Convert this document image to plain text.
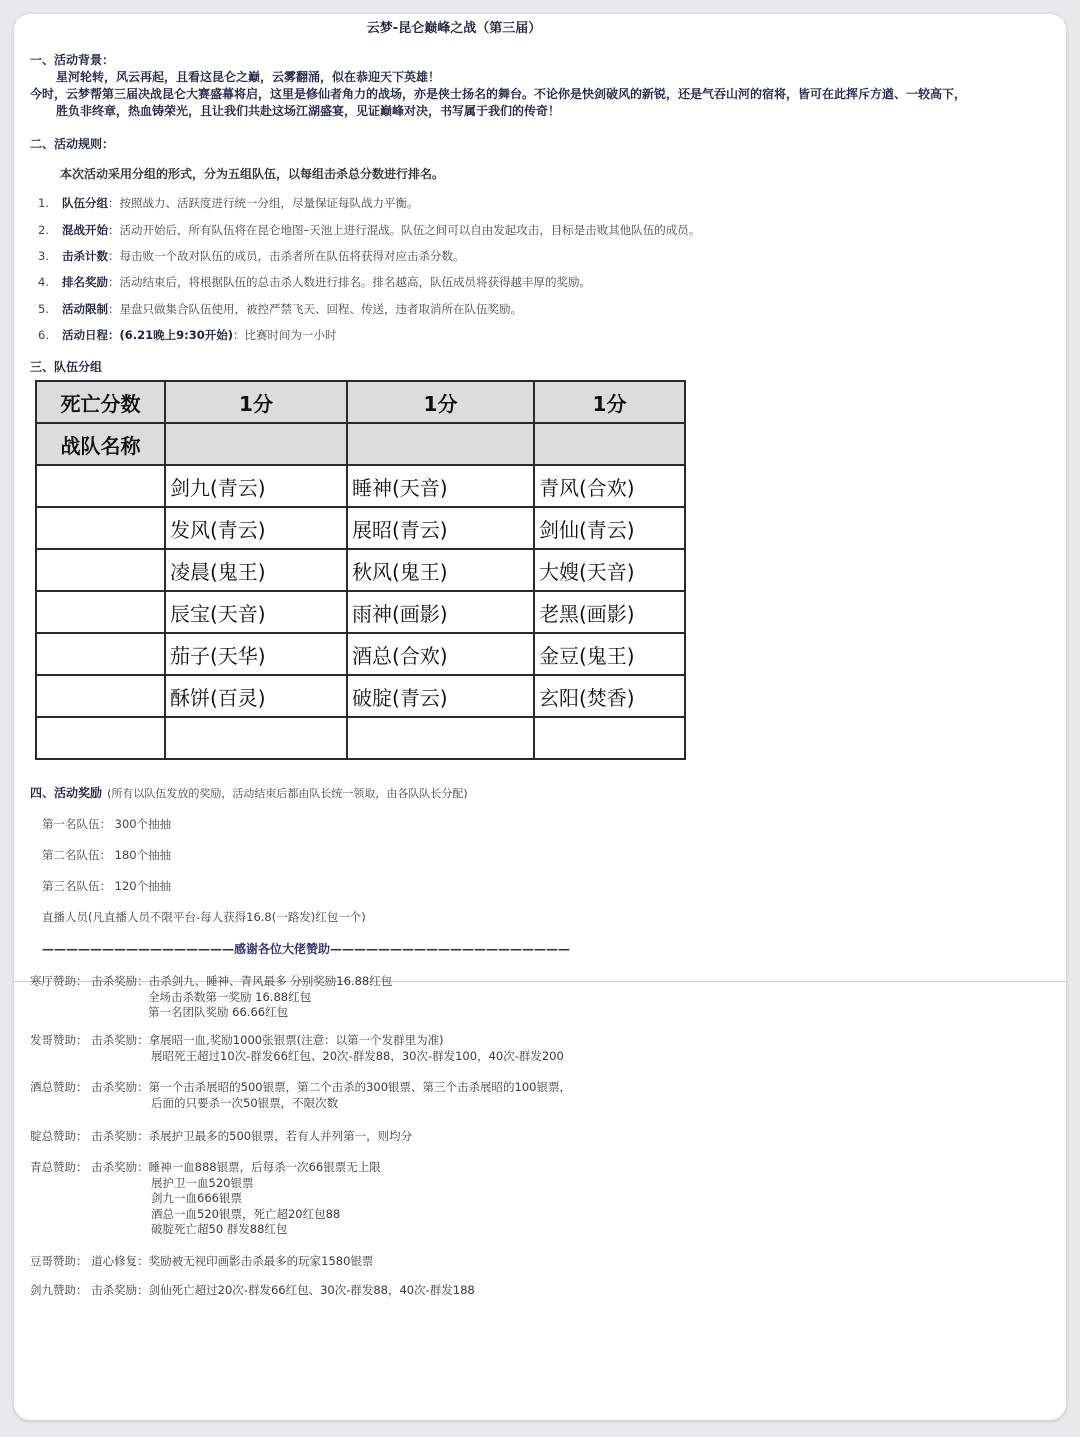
云梦-昆仑巅峰之战（第三届）
一、活动背景：
星河轮转，风云再起，且看这昆仑之巅，云雾翻涌，似在恭迎天下英雄！
今时，云梦帮第三届决战昆仑大赛盛幕将启，这里是修仙者角力的战场，亦是侠士扬名的舞台。不论你是快剑破风的新锐，还是气吞山河的宿将，皆可在此挥斥方遒、一较高下，
胜负非终章，热血铸荣光，且让我们共赴这场江湖盛宴，见证巅峰对决，书写属于我们的传奇！
二、活动规则：
本次活动采用分组的形式，分为五组队伍，以每组击杀总分数进行排名。
1. 队伍分组：按照战力、活跃度进行统一分组，尽量保证每队战力平衡。
2. 混战开始：活动开始后，所有队伍将在昆仑地图–天池上进行混战。队伍之间可以自由发起攻击，目标是击败其他队伍的成员。
3. 击杀计数：每击败一个敌对队伍的成员，击杀者所在队伍将获得对应击杀分数。
4. 排名奖励：活动结束后，将根据队伍的总击杀人数进行排名。排名越高，队伍成员将获得越丰厚的奖励。
5. 活动限制：星盘只做集合队伍使用，被控严禁飞天、回程、传送，违者取消所在队伍奖励。
6. 活动日程：(6.21晚上9:30开始)：比赛时间为一小时
三、队伍分组
死亡分数	1分	1分	1分
战队名称			
	剑九(青云)	睡神(天音)	青风(合欢)
	发风(青云)	展昭(青云)	剑仙(青云)
	凌晨(鬼王)	秋风(鬼王)	大嫂(天音)
	辰宝(天音)	雨神(画影)	老黑(画影)
	茄子(天华)	酒总(合欢)	金豆(鬼王)
	酥饼(百灵)	破腚(青云)	玄阳(焚香)

四、活动奖励 (所有以队伍发放的奖励，活动结束后都由队长统一领取，由各队队长分配)
第一名队伍： 300个抽抽
第二名队伍： 180个抽抽
第三名队伍： 120个抽抽
直播人员(凡直播人员不限平台-每人获得16.8(一路发)红包一个)
————————————————感谢各位大佬赞助————————————————————
寒厅赞助： 击杀奖励：击杀剑九、睡神、青风最多 分别奖励16.88红包
全场击杀数第一奖励 16.88红包
第一名团队奖励 66.66红包
发哥赞助： 击杀奖励：拿展昭一血,奖励1000张银票(注意：以第一个发群里为准)
展昭死王超过10次-群发66红包、20次-群发88，30次-群发100，40次-群发200
酒总赞助： 击杀奖励：第一个击杀展昭的500银票，第二个击杀的300银票、第三个击杀展昭的100银票，
后面的只要杀一次50银票，不限次数
腚总赞助： 击杀奖励：杀展护卫最多的500银票，若有人并列第一，则均分
青总赞助： 击杀奖励：睡神一血888银票，后每杀一次66银票无上限
展护卫一血520银票
剑九一血666银票
酒总一血520银票，死亡超20红包88
破腚死亡超50 群发88红包
豆哥赞助： 道心修复：奖励被无视印画影击杀最多的玩家1580银票
剑九赞助： 击杀奖励：剑仙死亡超过20次-群发66红包、30次-群发88，40次-群发188
